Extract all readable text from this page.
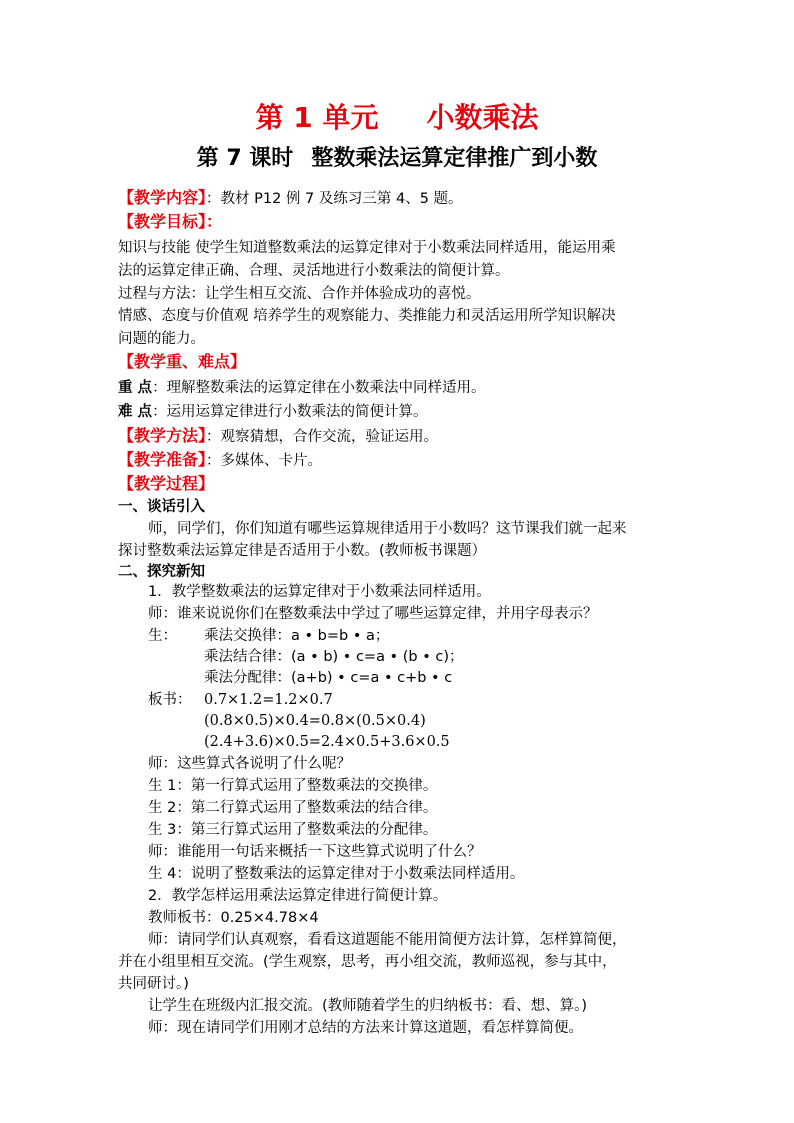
第 1 单元 小数乘法
第 7 课时 整数乘法运算定律推广到小数
【教学内容】：教材 P12 例 7 及练习三第 4、5 题。
【教学目标】：
知识与技能 使学生知道整数乘法的运算定律对于小数乘法同样适用，能运用乘
法的运算定律正确、合理、灵活地进行小数乘法的简便计算。
过程与方法：让学生相互交流、合作并体验成功的喜悦。
情感、态度与价值观 培养学生的观察能力、类推能力和灵活运用所学知识解决
问题的能力。
【教学重、难点】
重 点：理解整数乘法的运算定律在小数乘法中同样适用。
难 点：运用运算定律进行小数乘法的简便计算。
【教学方法】：观察猜想，合作交流，验证运用。
【教学准备】：多媒体、卡片。
【教学过程】
一、谈话引入
师，同学们，你们知道有哪些运算规律适用于小数吗？这节课我们就一起来
探讨整数乘法运算定律是否适用于小数。(教师板书课题）
二、探究新知
1．教学整数乘法的运算定律对于小数乘法同样适用。
师：谁来说说你们在整数乘法中学过了哪些运算定律，并用字母表示？
生： 乘法交换律：a • b=b • a；
乘法结合律：(a • b) • c=a • (b • c)；
乘法分配律：(a+b) • c=a • c+b • c
板书： 0.7×1.2=1.2×0.7
(0.8×0.5)×0.4=0.8×(0.5×0.4)
(2.4+3.6)×0.5=2.4×0.5+3.6×0.5
师：这些算式各说明了什么呢？
生 1：第一行算式运用了整数乘法的交换律。
生 2：第二行算式运用了整数乘法的结合律。
生 3：第三行算式运用了整数乘法的分配律。
师：谁能用一句话来概括一下这些算式说明了什么？
生 4：说明了整数乘法的运算定律对于小数乘法同样适用。
2．教学怎样运用乘法运算定律进行简便计算。
教师板书：0.25×4.78×4
师：请同学们认真观察，看看这道题能不能用简便方法计算，怎样算简便，
并在小组里相互交流。(学生观察，思考，再小组交流，教师巡视，参与其中，
共同研讨。)
让学生在班级内汇报交流。(教师随着学生的归纳板书：看、想、算。)
师：现在请同学们用刚才总结的方法来计算这道题，看怎样算简便。
